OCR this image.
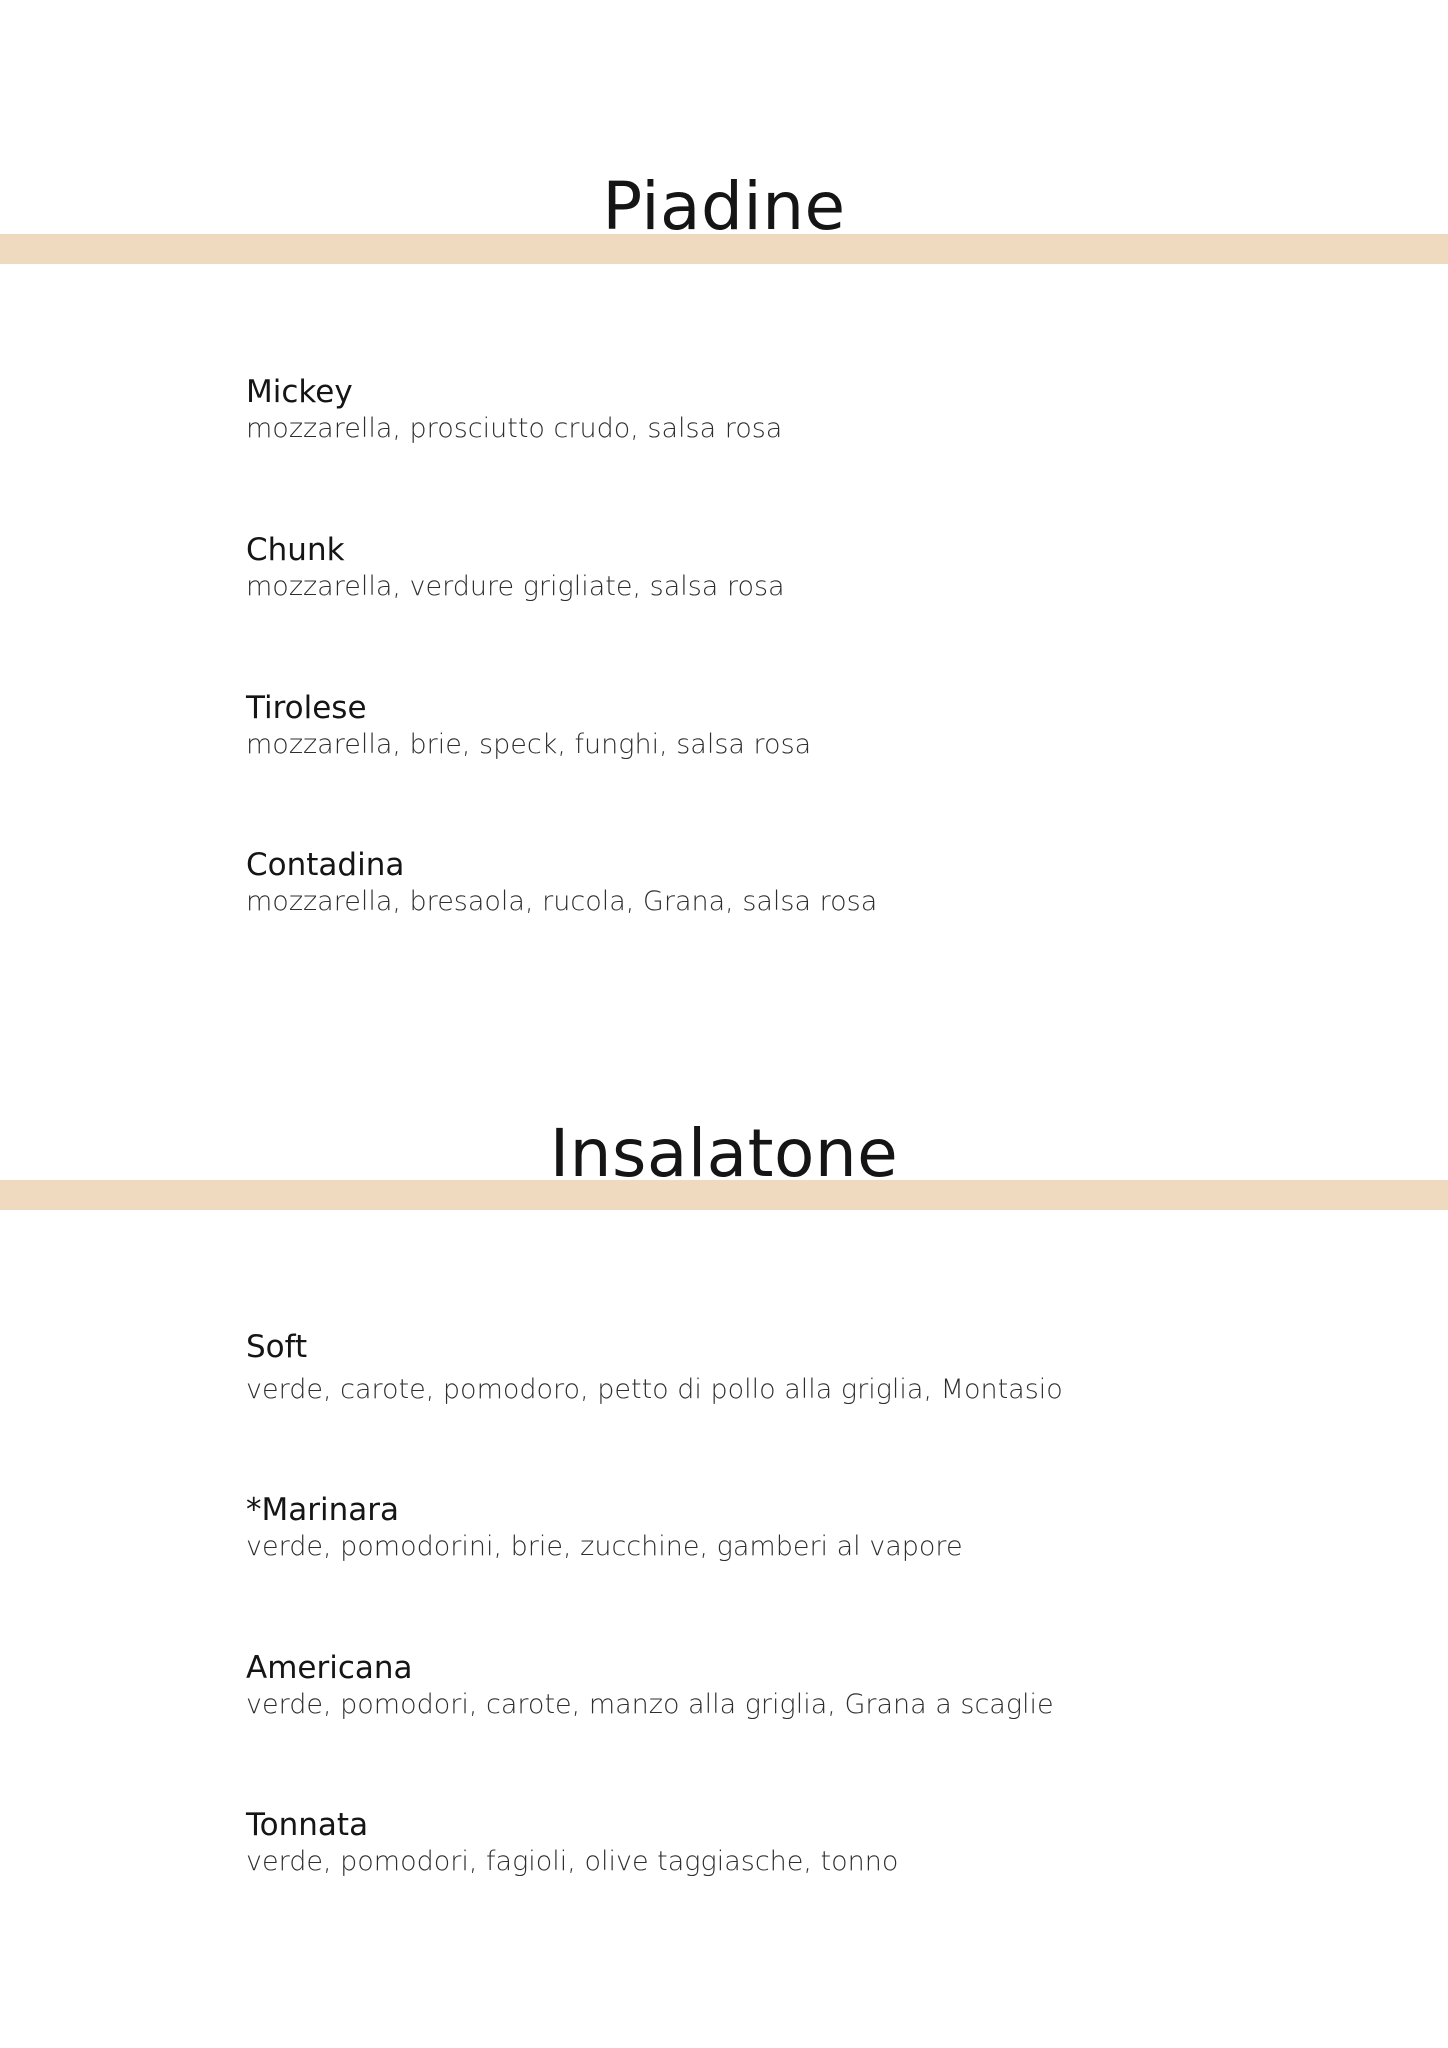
Piadine
Mickey
mozzarella, prosciutto crudo, salsa rosa
Chunk
mozzarella, verdure grigliate, salsa rosa
Tirolese
mozzarella, brie, speck, funghi, salsa rosa
Contadina
mozzarella, bresaola, rucola, Grana, salsa rosa
Insalatone
Soft
verde, carote, pomodoro, petto di pollo alla griglia, Montasio
*Marinara
verde, pomodorini, brie, zucchine, gamberi al vapore
Americana
verde, pomodori, carote, manzo alla griglia, Grana a scaglie
Tonnata
verde, pomodori, fagioli, olive taggiasche, tonno
